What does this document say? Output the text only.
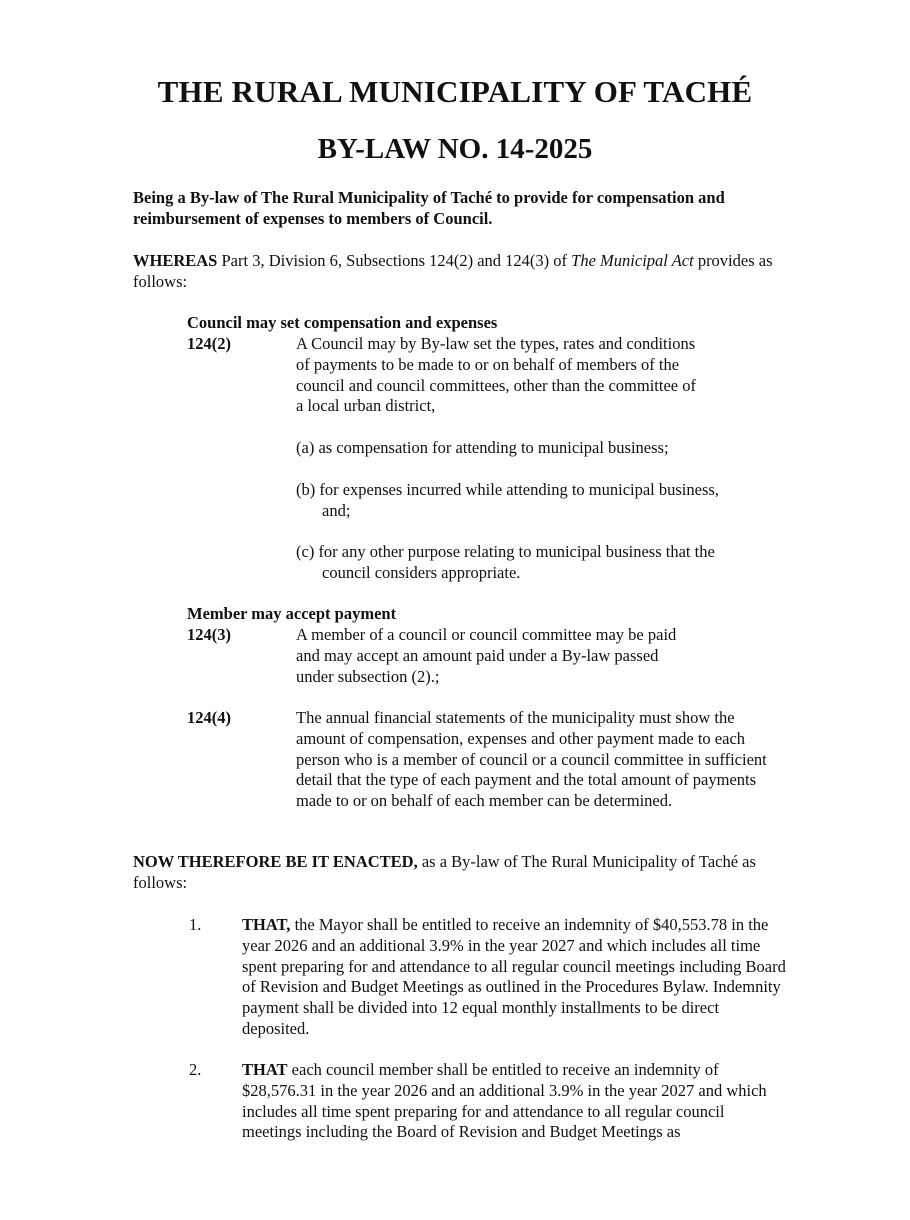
THE RURAL MUNICIPALITY OF TACHÉ
BY-LAW NO. 14-2025
Being a By-law of The Rural Municipality of Taché to provide for compensation and reimbursement of expenses to members of Council.
WHEREAS Part 3, Division 6, Subsections 124(2) and 124(3) of The Municipal Act provides as follows:
Council may set compensation and expenses
124(2)	A Council may by By-law set the types, rates and conditions of payments to be made to or on behalf of members of the council and council committees, other than the committee of a local urban district,
(a) as compensation for attending to municipal business;
(b) for expenses incurred while attending to municipal business, and;
(c) for any other purpose relating to municipal business that the council considers appropriate.
Member may accept payment
124(3)	A member of a council or council committee may be paid and may accept an amount paid under a By-law passed under subsection (2).;
124(4)	The annual financial statements of the municipality must show the amount of compensation, expenses and other payment made to each person who is a member of council or a council committee in sufficient detail that the type of each payment and the total amount of payments made to or on behalf of each member can be determined.
NOW THEREFORE BE IT ENACTED, as a By-law of The Rural Municipality of Taché as follows:
1.	THAT, the Mayor shall be entitled to receive an indemnity of $40,553.78 in the year 2026 and an additional 3.9% in the year 2027 and which includes all time spent preparing for and attendance to all regular council meetings including Board of Revision and Budget Meetings as outlined in the Procedures Bylaw. Indemnity payment shall be divided into 12 equal monthly installments to be direct deposited.
2.	THAT each council member shall be entitled to receive an indemnity of $28,576.31 in the year 2026 and an additional 3.9% in the year 2027 and which includes all time spent preparing for and attendance to all regular council meetings including the Board of Revision and Budget Meetings as
